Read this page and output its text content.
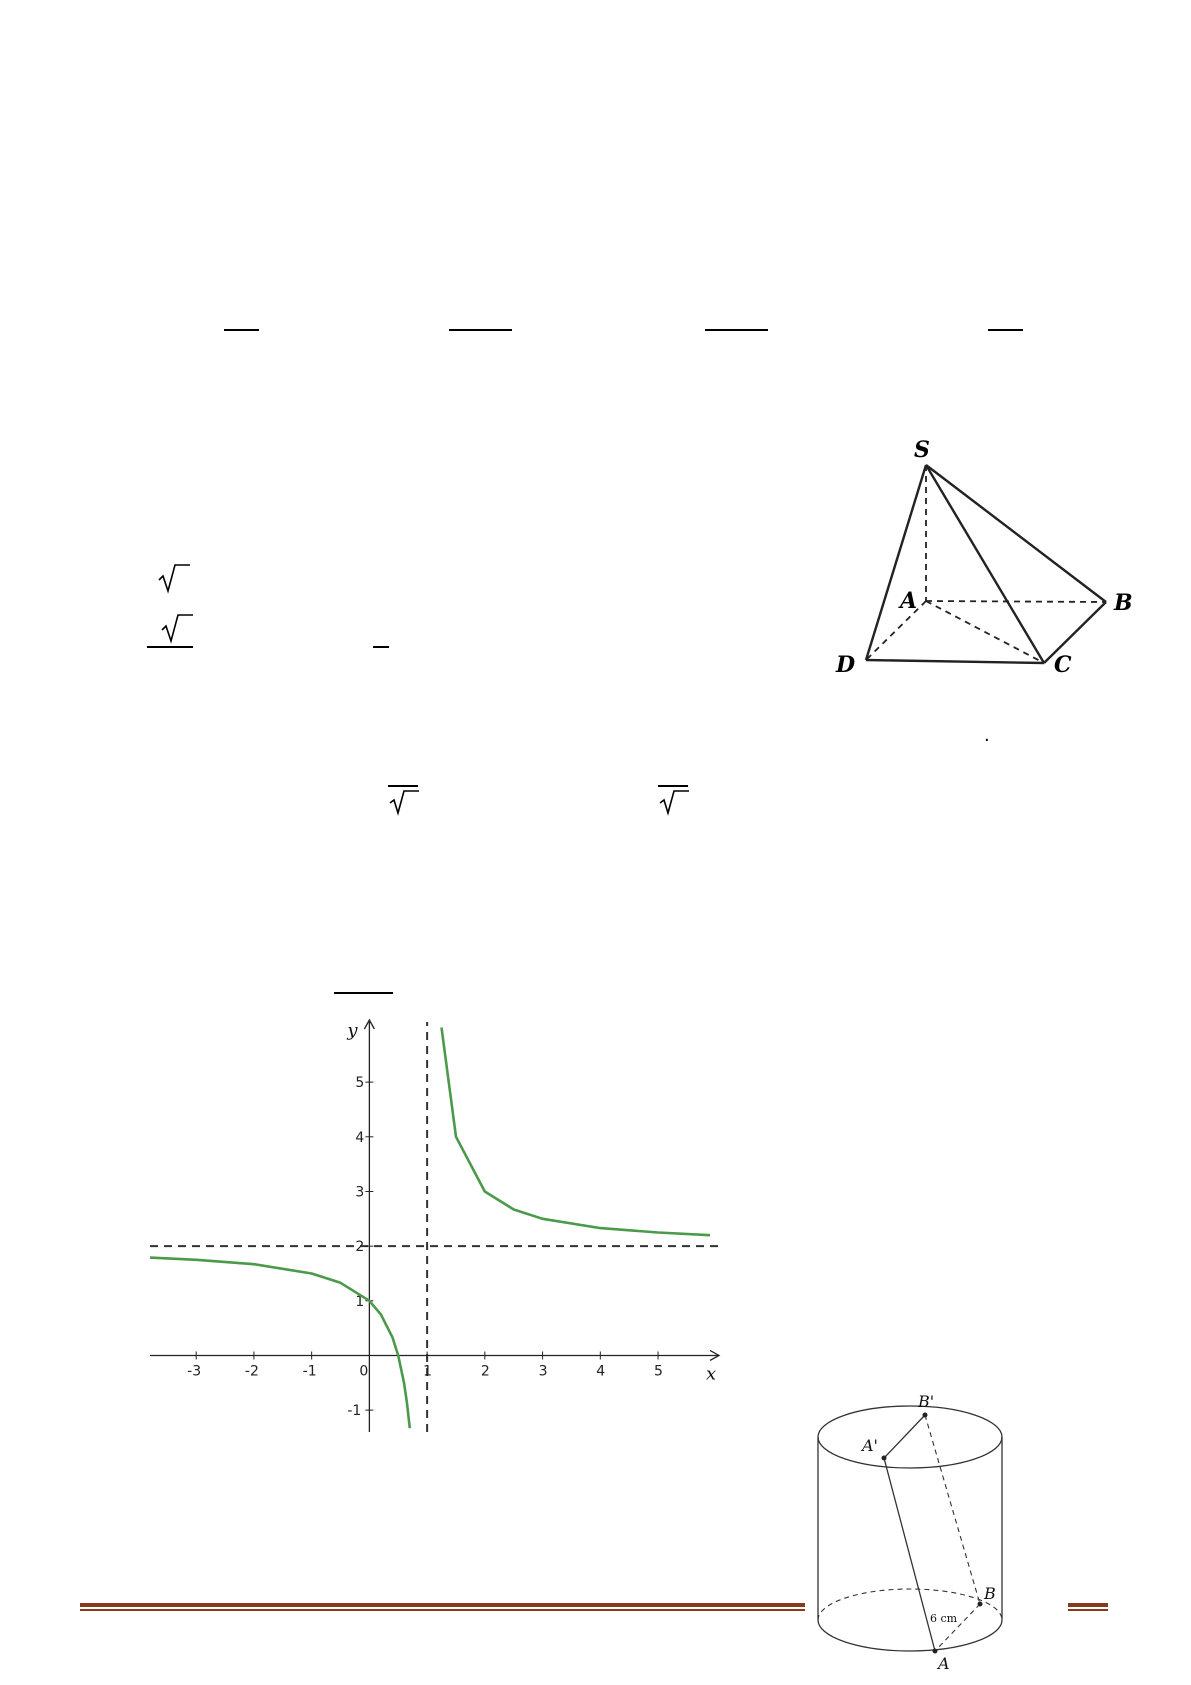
.
S
A	B
C
D
-3	-2	-1	0	1	2	3	4	5
-1
1
2
3
4
5
x
y
B'
A'
B
A
6 cm
